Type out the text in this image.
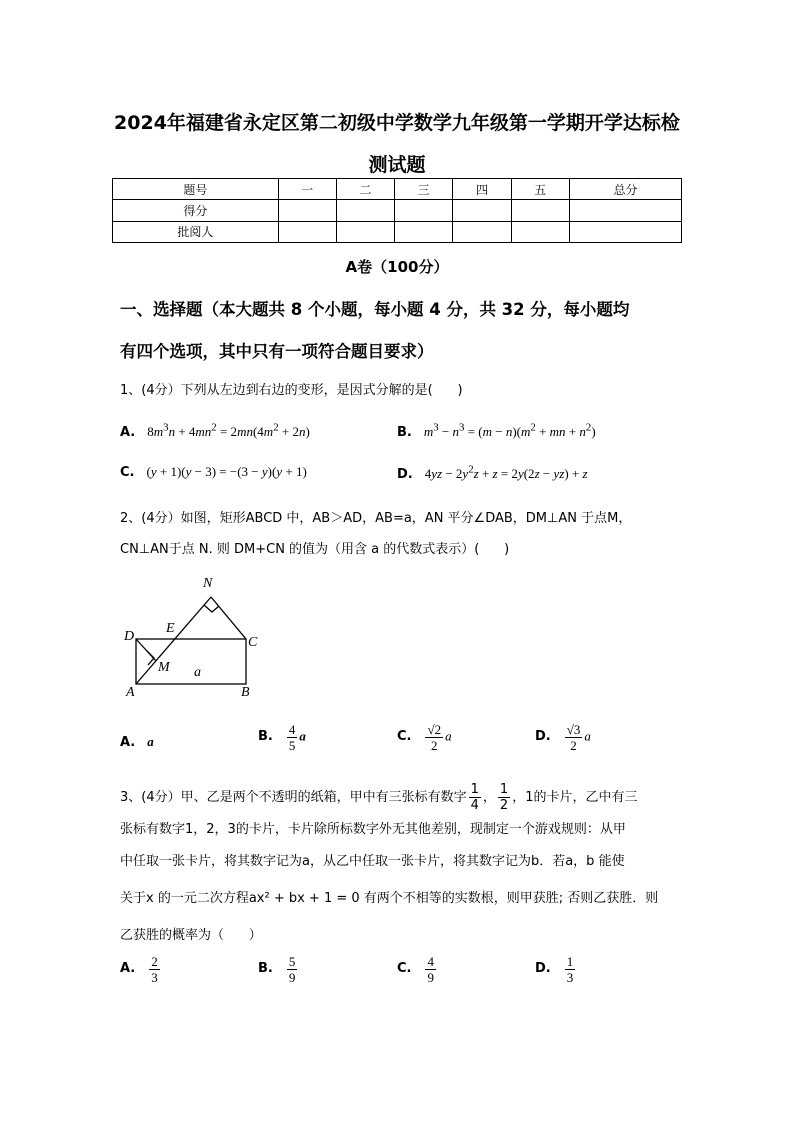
2024年福建省永定区第二初级中学数学九年级第一学期开学达标检
测试题
题号	一	二	三	四	五	总分
得分						
批阅人						
A卷（100分）
一、选择题（本大题共 8 个小题，每小题 4 分，共 32 分，每小题均
有四个选项，其中只有一项符合题目要求）
1、(4分）下列从左边到右边的变形，是因式分解的是(      )
A. $8m^3n + 4mn^2 = 2mn(4m^2 + 2n)$	B. $m^3 - n^3 = (m - n)(m^2$ + mn + $n^2$)
C. (y + 1)(y − 3) = −(3 − y)(y + 1)	D. $4yz - 2y^2z + z = 2y(2z - yz) + z$
2、(4分）如图，矩形ABCD 中，AB＞AD，AB=a，AN 平分∠DAB，DM⊥AN 于点M，
CN⊥AN于点 N. 则 DM+CN 的值为（用含 a 的代数式表示）(      )
N
E
D	C
M a
A	B
A. a	B. $\frac{4}{5}$ a	C. $\frac{√2}{2}$ a	D. $\frac{√3}{2}$ a
3、(4分）甲、乙是两个不透明的纸箱，甲中有三张标有数字 $\frac{1}{4}$ ， $\frac{1}{2}$ ，1的卡片，乙中有三
张标有数字1，2，3的卡片，卡片除所标数字外无其他差别，现制定一个游戏规则：从甲
中任取一张卡片，将其数字记为a，从乙中任取一张卡片，将其数字记为b．若a，b 能使
关于x 的一元二次方程ax² + bx + 1 = 0 有两个不相等的实数根，则甲获胜; 否则乙获胜．则
乙获胜的概率为（      ）
A. $\frac{2}{3}$	B. $\frac{5}{9}$	C. $\frac{4}{9}$	D. $\frac{1}{3}$
